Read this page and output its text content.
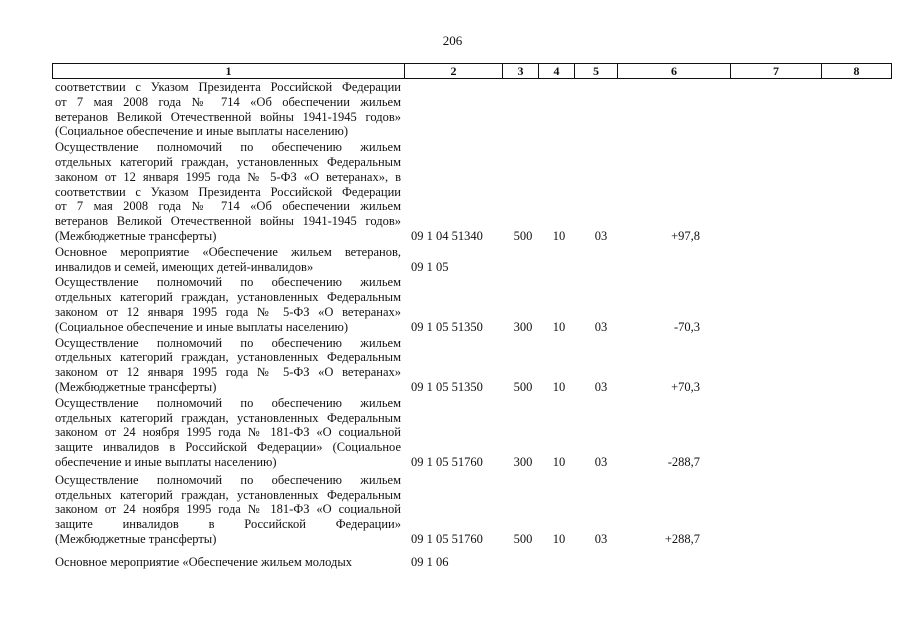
206
1	2	3	4	5	6	7	8
соответствии с Указом Президента Российской Федерации
от 7 мая 2008 года № 714 «Об обеспечении жильем
ветеранов Великой Отечественной войны 1941-1945 годов»
(Социальное обеспечение и иные выплаты населению)
Осуществление полномочий по обеспечению жильем
отдельных категорий граждан, установленных Федеральным
законом от 12 января 1995 года № 5-ФЗ «О ветеранах», в
соответствии с Указом Президента Российской Федерации
от 7 мая 2008 года № 714 «Об обеспечении жильем
ветеранов Великой Отечественной войны 1941-1945 годов»
(Межбюджетные трансферты)	09 1 04 51340	500	10	03	+97,8
Основное мероприятие «Обеспечение жильем ветеранов,
инвалидов и семей, имеющих детей-инвалидов»	09 1 05
Осуществление полномочий по обеспечению жильем
отдельных категорий граждан, установленных Федеральным
законом от 12 января 1995 года № 5-ФЗ «О ветеранах»
(Социальное обеспечение и иные выплаты населению)	09 1 05 51350	300	10	03	-70,3
Осуществление полномочий по обеспечению жильем
отдельных категорий граждан, установленных Федеральным
законом от 12 января 1995 года № 5-ФЗ «О ветеранах»
(Межбюджетные трансферты)	09 1 05 51350	500	10	03	+70,3
Осуществление полномочий по обеспечению жильем
отдельных категорий граждан, установленных Федеральным
законом от 24 ноября 1995 года № 181-ФЗ «О социальной
защите инвалидов в Российской Федерации» (Социальное
обеспечение и иные выплаты населению)	09 1 05 51760	300	10	03	-288,7
Осуществление полномочий по обеспечению жильем
отдельных категорий граждан, установленных Федеральным
законом от 24 ноября 1995 года № 181-ФЗ «О социальной
защите инвалидов в Российской Федерации»
(Межбюджетные трансферты)	09 1 05 51760	500	10	03	+288,7
Основное мероприятие «Обеспечение жильем молодых	09 1 06
